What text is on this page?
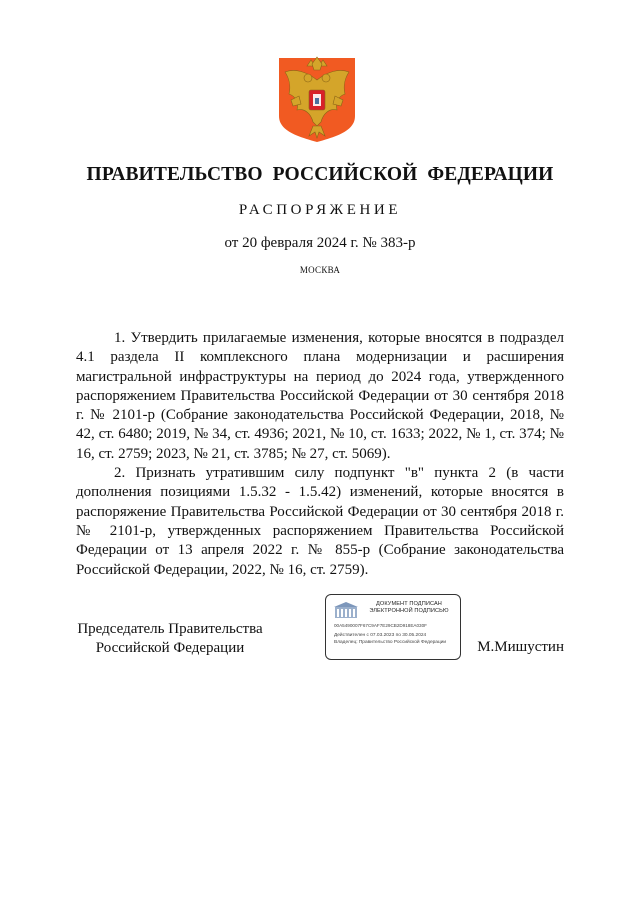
ПРАВИТЕЛЬСТВО РОССИЙСКОЙ ФЕДЕРАЦИИ
РАСПОРЯЖЕНИЕ
от 20 февраля 2024 г. № 383-р
МОСКВА

1. Утвердить прилагаемые изменения, которые вносятся в подраздел 4.1 раздела II комплексного плана модернизации и расширения магистральной инфраструктуры на период до 2024 года, утвержденного распоряжением Правительства Российской Федерации от 30 сентября 2018 г. № 2101-р (Собрание законодательства Российской Федерации, 2018, № 42, ст. 6480; 2019, № 34, ст. 4936; 2021, № 10, ст. 1633; 2022, № 1, ст. 374; № 16, ст. 2759; 2023, № 21, ст. 3785; № 27, ст. 5069).

2. Признать утратившим силу подпункт "в" пункта 2 (в части дополнения позициями 1.5.32 - 1.5.42) изменений, которые вносятся в распоряжение Правительства Российской Федерации от 30 сентября 2018 г. № 2101-р, утвержденных распоряжением Правительства Российской Федерации от 13 апреля 2022 г. № 855-р (Собрание законодательства Российской Федерации, 2022, № 16, ст. 2759).

Председатель Правительства
Российской Федерации
ДОКУМЕНТ ПОДПИСАН
ЭЛЕКТРОННОЙ ПОДПИСЬЮ
00A5490007F67C9AF7E29CB2D918EA030F
Действителен с 07.03.2023 по 30.05.2024
Владелец: Правительство Российской Федерации	М.Мишустин
